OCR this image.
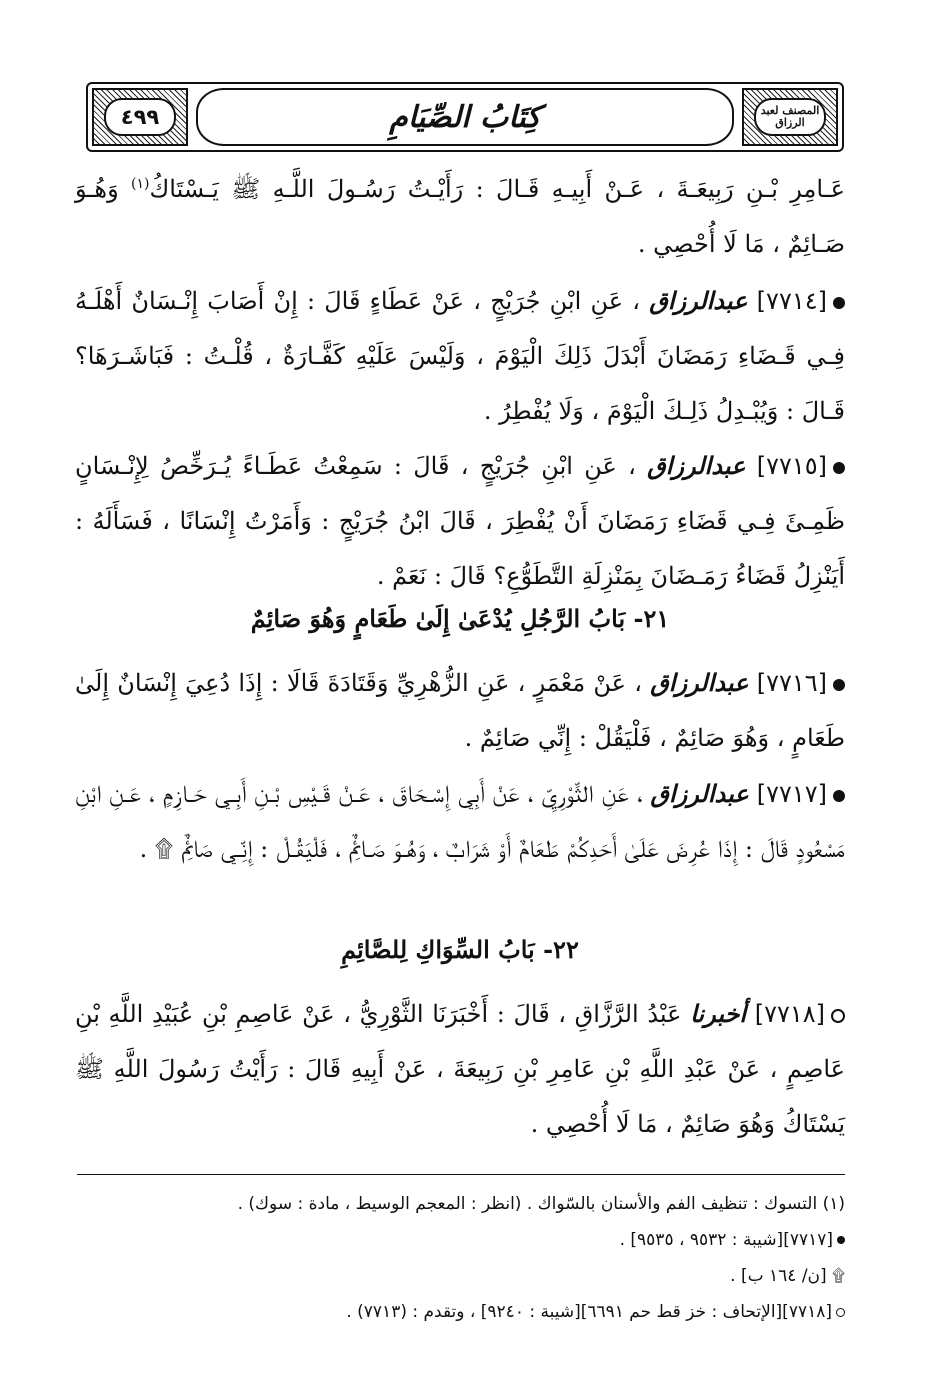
كِتَابُ الصِّيَامِ
٤٩٩	المصنف لعبد الرزاق

عَـامِرِ بْـنِ رَبِيعَـةَ ، عَـنْ أَبِيـهِ قَـالَ : رَأَيْـتُ رَسُـولَ اللَّـهِ ﷺ يَـسْتَاكُ$^{(١)}$ وَهُـوَ صَـائِمٌ ، مَا لَا أُحْصِي .

[٧٧١٤] عبدالرزاق ، عَنِ ابْنِ جُرَيْجٍ ، عَنْ عَطَاءٍ قَالَ : إِنْ أَصَابَ إِنْـسَانٌ أَهْلَـهُ فِـي قَـضَاءِ رَمَضَانَ أَبْدَلَ ذَلِكَ الْيَوْمَ ، وَلَيْسَ عَلَيْهِ كَفَّـارَةٌ ، قُلْـتُ : فَبَاشَـرَهَا؟ قَـالَ : وَيُبْـدِلُ ذَلِـكَ الْيَوْمَ ، وَلَا يُفْطِرُ .

[٧٧١٥] عبدالرزاق ، عَنِ ابْنِ جُرَيْجٍ ، قَالَ : سَمِعْتُ عَطَـاءً يُـرَخِّصُ لِإِنْـسَانٍ ظَمِـئَ فِـي قَضَاءِ رَمَضَانَ أَنْ يُفْطِرَ ، قَالَ ابْنُ جُرَيْجٍ : وَأَمَرْتُ إِنْسَانًا ، فَسَأَلَهُ : أَيَنْزِلُ قَضَاءُ رَمَـضَانَ بِمَنْزِلَةِ التَّطَوُّعِ؟ قَالَ : نَعَمْ .

٢١- بَابُ الرَّجُلِ يُدْعَىٰ إِلَىٰ طَعَامٍ وَهُوَ صَائِمٌ

[٧٧١٦] عبدالرزاق ، عَنْ مَعْمَرٍ ، عَنِ الزُّهْرِيِّ وَقَتَادَةَ قَالَا : إِذَا دُعِيَ إِنْسَانٌ إِلَىٰ طَعَامٍ ، وَهُوَ صَائِمٌ ، فَلْيَقُلْ : إِنِّي صَائِمٌ .

[٧٧١٧] عبدالرزاق ، عَنِ الثَّوْرِيِّ ، عَنْ أَبِي إِسْـحَاقَ ، عَـنْ قَـيْسِ بْـنِ أَبِـي حَـازِمٍ ، عَـنِ ابْنِ مَسْعُودٍ قَالَ : إِذَا عُرِضَ عَلَىٰ أَحَدِكُمْ طَعَامٌ أَوْ شَرَابٌ ، وَهُـوَ صَـائِمٌ ، فَلْيَقُـلْ : إِنِّـي صَائِمٌ ۩ .

٢٢- بَابُ السِّوَاكِ لِلصَّائِمِ

[٧٧١٨] أخبرنا عَبْدُ الرَّزَّاقِ ، قَالَ : أَخْبَرَنَا الثَّوْرِيُّ ، عَنْ عَاصِمِ بْنِ عُبَيْدِ اللَّهِ بْنِ عَاصِمٍ ، عَنْ عَبْدِ اللَّهِ بْنِ عَامِرِ بْنِ رَبِيعَةَ ، عَنْ أَبِيهِ قَالَ : رَأَيْتُ رَسُولَ اللَّهِ ﷺ يَسْتَاكُ وَهُوَ صَائِمٌ ، مَا لَا أُحْصِي .

(١) التسوك : تنظيف الفم والأسنان بالسّواك . (انظر : المعجم الوسيط ، مادة : سوك) .

[٧٧١٧][شيبة : ٩٥٣٢ ، ٩٥٣٥] .

۩ [ن/ ١٦٤ ب] .

[٧٧١٨][الإتحاف : خز قط حم ٦٦٩١][شيبة : ٩٢٤٠] ، وتقدم : (٧٧١٣) .
